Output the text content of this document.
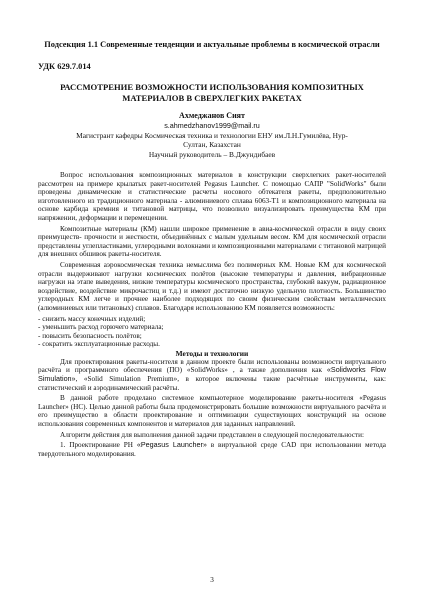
Подсекция 1.1 Современные тенденции и актуальные проблемы в космической отрасли

УДК 629.7.014

РАССМОТРЕНИЕ ВОЗМОЖНОСТИ ИСПОЛЬЗОВАНИЯ КОМПОЗИТНЫХ

МАТЕРИАЛОВ В СВЕРХЛЕГКИХ РАКЕТАХ

Ахмеджанов Сият

s.ahmedzhanov1999@mail.ru

Магистрант кафедры Космическая техника и технологии ЕНУ им.Л.Н.Гумилёва, Нур-

Султан, Казахстан

Научный руководитель – В.Джундибаев

Вопрос использования композиционных материалов в конструкции сверхлегких ракет-носителей рассмотрен на примере крылатых ракет-носителей Pegasus Launcher. С помощью САПР "SolidWorks" были проведены динамические и статистические расчеты носового обтекателя ракеты, предположительно изготовленного из традиционного материала - алюминиевого сплава 6063-T1 и композиционного материала на основе карбида кремния и титановой матрицы, что позволило визуализировать преимущества КМ при напряжении, деформации и перемещении.

Композитные материалы (КМ) нашли широкое применение в авиа-космической отрасли в виду своих преимуществ- прочности и жесткости, объединённых с малым удельным весом. КМ для космической отрасли представлены углепластиками, углеродными волокнами и композиционными материалами с титановой матрицей для внешних обшивок ракеты-носителя.

Современная аэрокосмическая техника немыслима без полимерных КМ. Новые КМ для космической отрасли выдерживают нагрузки космических полётов (высокие температуры и давления, вибрационные нагрузки на этапе выведения, низкие температуры космического пространства, глубокий вакуум, радиационное воздействие, воздействие микрочастиц и т.д.) и имеют достаточно низкую удельную плотность. Большинство углеродных КМ легче и прочнее наиболее подходящих по своим физическим свойствам металлических (алюминиевых или титановых) сплавов. Благодаря использованию КМ появляется возможность:

- снизить массу конечных изделий;
- уменьшить расход горючего материала;
- повысить безопасность полётов;
- сократить эксплуатационные расходы.

Методы и технологии

Для проектирования ракеты-носителя в данном проекте были использованы возможности виртуального расчёта и программного обеспечения (ПО) «SolidWorks» , а также дополнения как «Solidworks Flow Simulation», «Solid Simulation Premium», в которое включены такие расчётные инструменты, как: статистический и аэродинамический расчёты.

В данной работе проделано системное компьютерное моделирование ракеты-носителя «Pegasus Launcher» (НС). Целью данной работы была продемонстрировать большие возможности виртуального расчёта и его преимущество в области проектирование и оптимизации существующих конструкций на основе использования современных компонентов и материалов для заданных направлений.

Алгоритм действия для выполнения данной задачи представлен в следующей последовательности:

1. Проектирование РН «Pegasus Launcher» в виртуальной среде CAD при использовании метода твердотельного моделирования.

3
